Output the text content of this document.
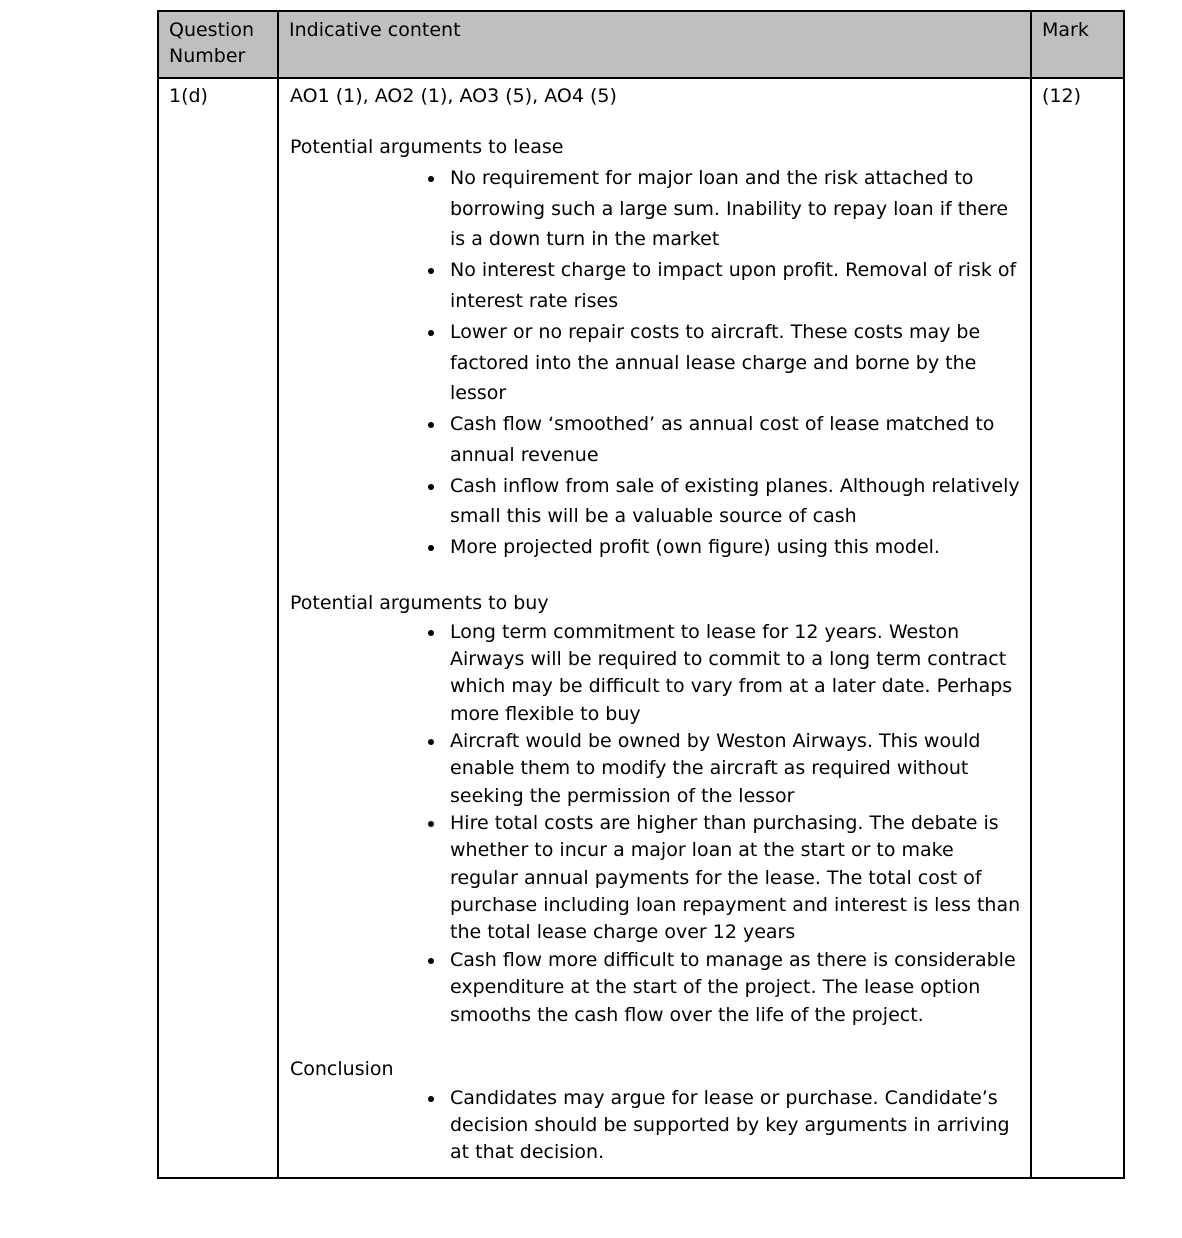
Question Number	Indicative content	Mark
1(d)	AO1 (1), AO2 (1), AO3 (5), AO4 (5)
Potential arguments to lease
• No requirement for major loan and the risk attached to borrowing such a large sum. Inability to repay loan if there is a down turn in the market
• No interest charge to impact upon profit. Removal of risk of interest rate rises
• Lower or no repair costs to aircraft. These costs may be factored into the annual lease charge and borne by the lessor
• Cash flow ‘smoothed’ as annual cost of lease matched to annual revenue
• Cash inflow from sale of existing planes. Although relatively small this will be a valuable source of cash
• More projected profit (own figure) using this model.
Potential arguments to buy
• Long term commitment to lease for 12 years. Weston Airways will be required to commit to a long term contract which may be difficult to vary from at a later date. Perhaps more flexible to buy
• Aircraft would be owned by Weston Airways. This would enable them to modify the aircraft as required without seeking the permission of the lessor
• Hire total costs are higher than purchasing. The debate is whether to incur a major loan at the start or to make regular annual payments for the lease. The total cost of purchase including loan repayment and interest is less than the total lease charge over 12 years
• Cash flow more difficult to manage as there is considerable expenditure at the start of the project. The lease option smooths the cash flow over the life of the project.
Conclusion
• Candidates may argue for lease or purchase. Candidate’s decision should be supported by key arguments in arriving at that decision.
	(12)
